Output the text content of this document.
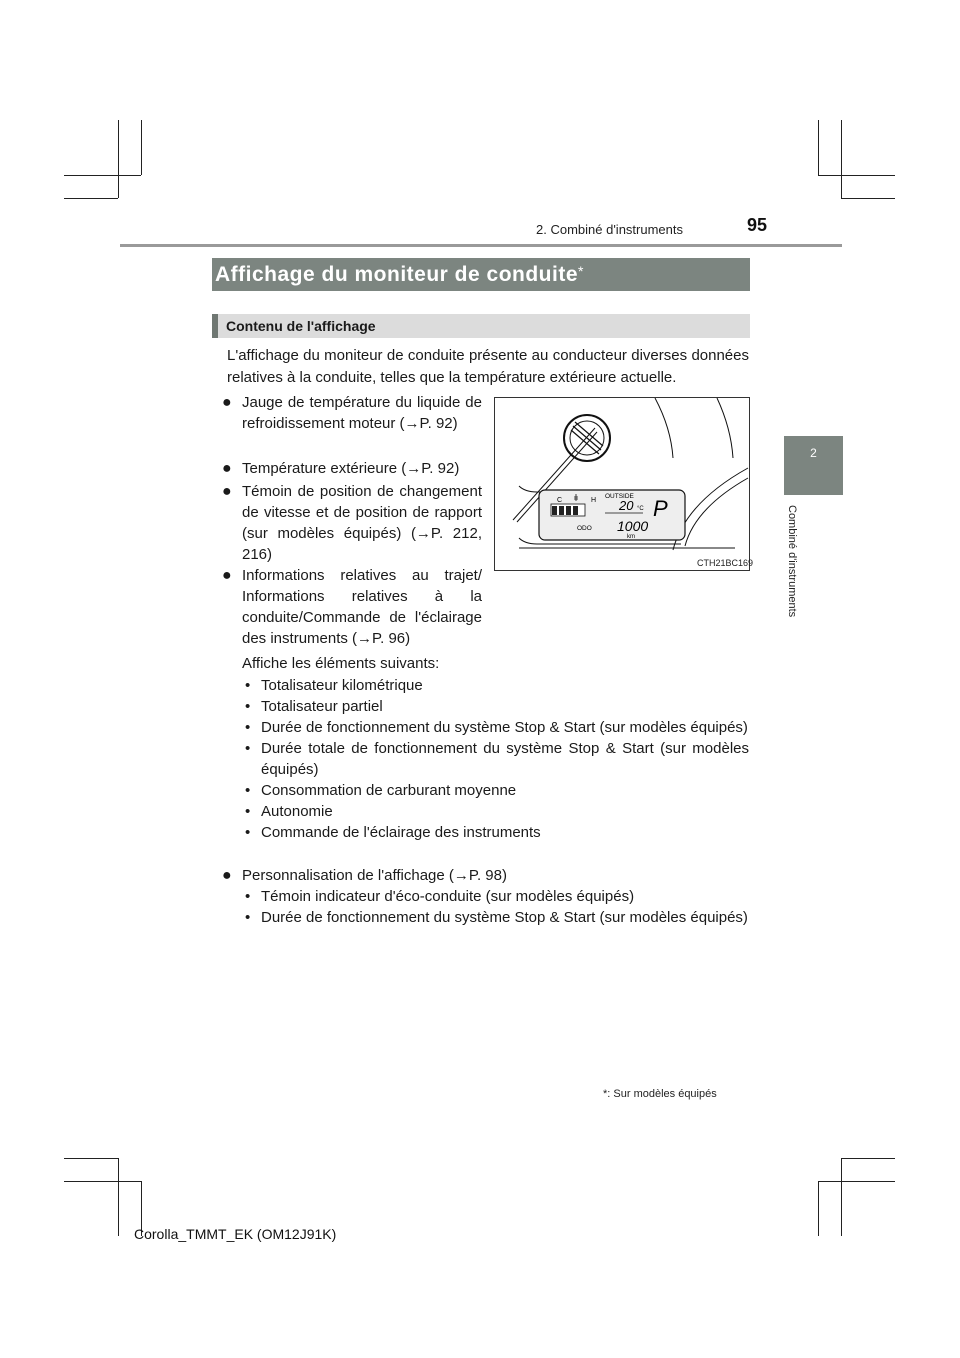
2. Combiné d'instruments	95
2
Combiné d'instruments
Affichage du moniteur de conduite*
Contenu de l'affichage
L'affichage du moniteur de conduite présente au conducteur diverses données relatives à la conduite, telles que la température extérieure actuelle.
● Jauge de température du liquide de refroidissement moteur (→P. 92)
● Température extérieure (→P. 92)
● Témoin de position de changement de vitesse et de position de rapport (sur modèles équipés) (→P. 212, 216)
● Informations relatives au trajet/ Informations relatives à la conduite/Commande de l'éclairage des instruments (→P. 96)
C	H
OUTSIDE
20 °C P
ODO 1000
km
CTH21BC169
Affiche les éléments suivants:
• Totalisateur kilométrique
• Totalisateur partiel
• Durée de fonctionnement du système Stop & Start (sur modèles équipés)
• Durée totale de fonctionnement du système Stop & Start (sur modèles équipés)
• Consommation de carburant moyenne
• Autonomie
• Commande de l'éclairage des instruments
● Personnalisation de l'affichage (→P. 98)
• Témoin indicateur d'éco-conduite (sur modèles équipés)
• Durée de fonctionnement du système Stop & Start (sur modèles équipés)
*: Sur modèles équipés
Corolla_TMMT_EK (OM12J91K)
